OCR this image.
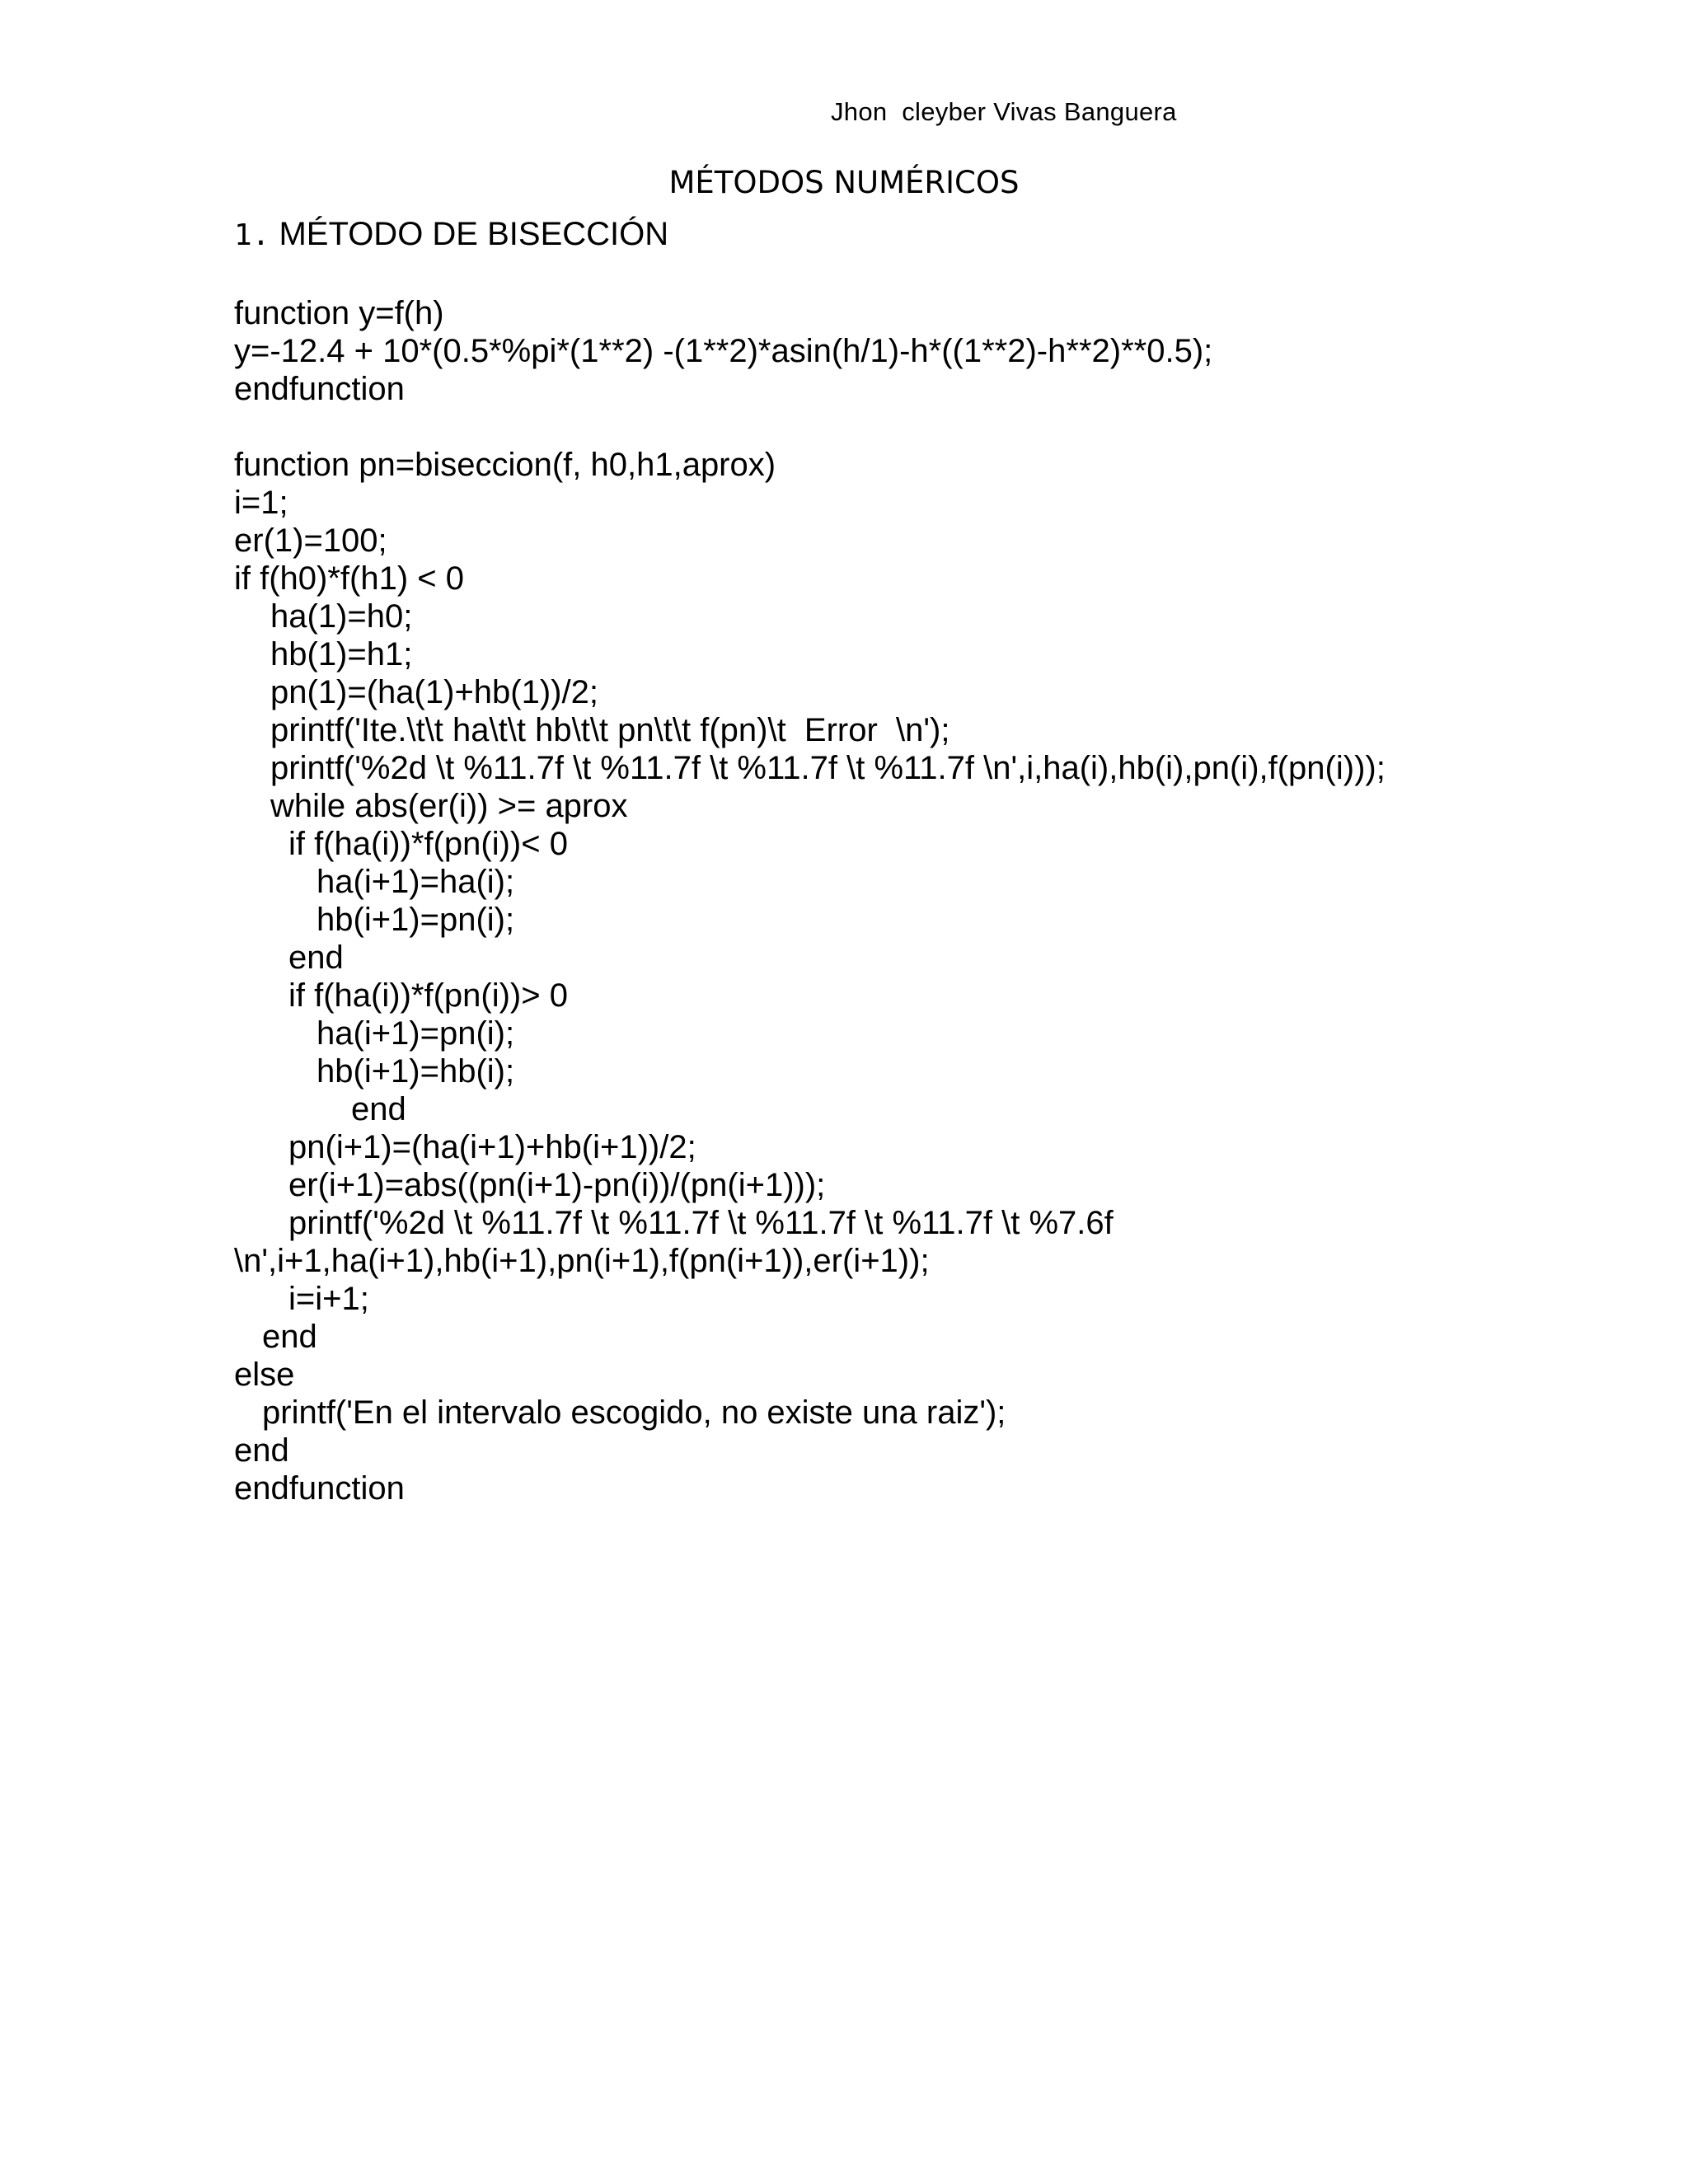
Jhon  cleyber Vivas Banguera
MÉTODOS NUMÉRICOS
1. MÉTODO DE BISECCIÓN
function y=f(h)
y=-12.4 + 10*(0.5*%pi*(1**2) -(1**2)*asin(h/1)-h*((1**2)-h**2)**0.5);
endfunction
function pn=biseccion(f, h0,h1,aprox)
i=1;
er(1)=100;
if f(h0)*f(h1) < 0
ha(1)=h0;
hb(1)=h1;
pn(1)=(ha(1)+hb(1))/2;
printf('Ite.\t\t ha\t\t hb\t\t pn\t\t f(pn)\t  Error  \n');
printf('%2d \t %11.7f \t %11.7f \t %11.7f \t %11.7f \n',i,ha(i),hb(i),pn(i),f(pn(i)));
while abs(er(i)) >= aprox
if f(ha(i))*f(pn(i))< 0
ha(i+1)=ha(i);
hb(i+1)=pn(i);
end
if f(ha(i))*f(pn(i))> 0
ha(i+1)=pn(i);
hb(i+1)=hb(i);
end
pn(i+1)=(ha(i+1)+hb(i+1))/2;
er(i+1)=abs((pn(i+1)-pn(i))/(pn(i+1)));
printf('%2d \t %11.7f \t %11.7f \t %11.7f \t %11.7f \t %7.6f
\n',i+1,ha(i+1),hb(i+1),pn(i+1),f(pn(i+1)),er(i+1));
i=i+1;
end
else
printf('En el intervalo escogido, no existe una raiz');
end
endfunction
